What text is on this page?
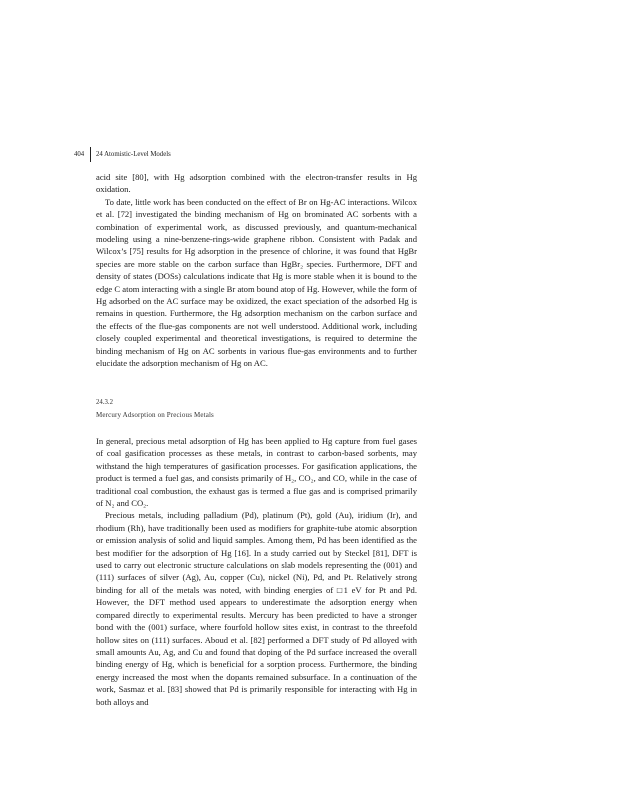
404 24 Atomistic-Level Models

acid site [80], with Hg adsorption combined with the electron-transfer results in Hg oxidation.

To date, little work has been conducted on the effect of Br on Hg-AC interactions. Wilcox et al. [72] investigated the binding mechanism of Hg on brominated AC sorbents with a combination of experimental work, as discussed previously, and quantum-mechanical modeling using a nine-benzene-rings-wide graphene ribbon. Consistent with Padak and Wilcox’s [75] results for Hg adsorption in the presence of chlorine, it was found that HgBr species are more stable on the carbon surface than HgBr₂ species. Furthermore, DFT and density of states (DOSs) calculations indicate that Hg is more stable when it is bound to the edge C atom interacting with a single Br atom bound atop of Hg. However, while the form of Hg adsorbed on the AC surface may be oxidized, the exact speciation of the adsorbed Hg is remains in question. Furthermore, the Hg adsorption mechanism on the carbon surface and the effects of the flue-gas components are not well understood. Additional work, including closely coupled experimental and theoretical investigations, is required to determine the binding mechanism of Hg on AC sorbents in various flue-gas environments and to further elucidate the adsorption mechanism of Hg on AC.

24.3.2
Mercury Adsorption on Precious Metals

In general, precious metal adsorption of Hg has been applied to Hg capture from fuel gases of coal gasification processes as these metals, in contrast to carbon-based sorbents, may withstand the high temperatures of gasification processes. For gasification applications, the product is termed a fuel gas, and consists primarily of H₂, CO₂, and CO, while in the case of traditional coal combustion, the exhaust gas is termed a flue gas and is comprised primarily of N₂ and CO₂.

Precious metals, including palladium (Pd), platinum (Pt), gold (Au), iridium (Ir), and rhodium (Rh), have traditionally been used as modifiers for graphite-tube atomic absorption or emission analysis of solid and liquid samples. Among them, Pd has been identified as the best modifier for the adsorption of Hg [16]. In a study carried out by Steckel [81], DFT is used to carry out electronic structure calculations on slab models representing the (001) and (111) surfaces of silver (Ag), Au, copper (Cu), nickel (Ni), Pd, and Pt. Relatively strong binding for all of the metals was noted, with binding energies of □1 eV for Pt and Pd. However, the DFT method used appears to underestimate the adsorption energy when compared directly to experimental results. Mercury has been predicted to have a stronger bond with the (001) surface, where fourfold hollow sites exist, in contrast to the threefold hollow sites on (111) surfaces. Aboud et al. [82] performed a DFT study of Pd alloyed with small amounts Au, Ag, and Cu and found that doping of the Pd surface increased the overall binding energy of Hg, which is beneficial for a sorption process. Furthermore, the binding energy increased the most when the dopants remained subsurface. In a continuation of the work, Sasmaz et al. [83] showed that Pd is primarily responsible for interacting with Hg in both alloys and
